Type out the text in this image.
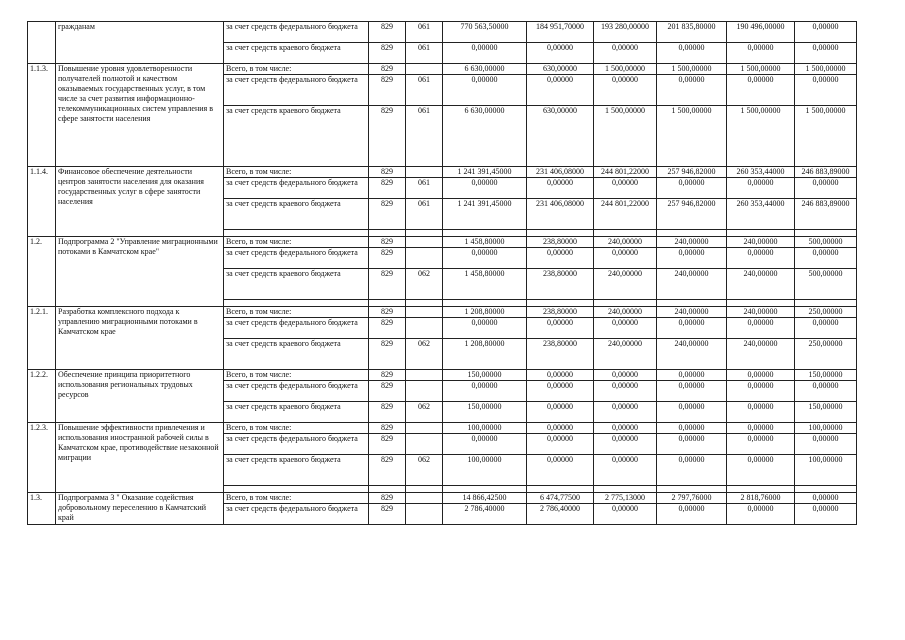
	гражданам	за счет средств федерального бюджета	829	061	770 563,50000	184 951,70000	193 280,00000	201 835,80000	190 496,00000	0,00000
		за счет средств краевого бюджета	829	061	0,00000	0,00000	0,00000	0,00000	0,00000	0,00000
1.1.3.	Повышение уровня удовлетворенности получателей полнотой и качеством оказываемых государственных услуг, в том числе за счет развития информационно-телекоммуникационных систем управления в сфере занятости населения	Всего, в том числе:	829		6 630,00000	630,00000	1 500,00000	1 500,00000	1 500,00000	1 500,00000
		за счет средств федерального бюджета	829	061	0,00000	0,00000	0,00000	0,00000	0,00000	0,00000
		за счет средств краевого бюджета	829	061	6 630,00000	630,00000	1 500,00000	1 500,00000	1 500,00000	1 500,00000
1.1.4.	Финансовое обеспечение деятельности центров занятости населения для оказания государственных услуг в сфере занятости населения	Всего, в том числе:	829		1 241 391,45000	231 406,08000	244 801,22000	257 946,82000	260 353,44000	246 883,89000
		за счет средств федерального бюджета	829	061	0,00000	0,00000	0,00000	0,00000	0,00000	0,00000
		за счет средств краевого бюджета	829	061	1 241 391,45000	231 406,08000	244 801,22000	257 946,82000	260 353,44000	246 883,89000

1.2.	Подпрограмма 2 "Управление миграционными потоками в Камчатском крае"	Всего, в том числе:	829		1 458,80000	238,80000	240,00000	240,00000	240,00000	500,00000
		за счет средств федерального бюджета	829		0,00000	0,00000	0,00000	0,00000	0,00000	0,00000
		за счет средств краевого бюджета	829	062	1 458,80000	238,80000	240,00000	240,00000	240,00000	500,00000

1.2.1.	Разработка комплексного подхода к управлению миграционными потоками в Камчатском крае	Всего, в том числе:	829		1 208,80000	238,80000	240,00000	240,00000	240,00000	250,00000
		за счет средств федерального бюджета	829		0,00000	0,00000	0,00000	0,00000	0,00000	0,00000
		за счет средств краевого бюджета	829	062	1 208,80000	238,80000	240,00000	240,00000	240,00000	250,00000
1.2.2.	Обеспечение принципа приоритетного использования региональных трудовых ресурсов	Всего, в том числе:	829		150,00000	0,00000	0,00000	0,00000	0,00000	150,00000
		за счет средств федерального бюджета	829		0,00000	0,00000	0,00000	0,00000	0,00000	0,00000
		за счет средств краевого бюджета	829	062	150,00000	0,00000	0,00000	0,00000	0,00000	150,00000
1.2.3.	Повышение эффективности привлечения и использования иностранной рабочей силы в Камчатском крае, противодействие незаконной миграции	Всего, в том числе:	829		100,00000	0,00000	0,00000	0,00000	0,00000	100,00000
		за счет средств федерального бюджета	829		0,00000	0,00000	0,00000	0,00000	0,00000	0,00000
		за счет средств краевого бюджета	829	062	100,00000	0,00000	0,00000	0,00000	0,00000	100,00000

1.3.	Подпрограмма 3 " Оказание содействия добровольному переселению в Камчатский край	Всего, в том числе:	829		14 866,42500	6 474,77500	2 775,13000	2 797,76000	2 818,76000	0,00000
		за счет средств федерального бюджета	829		2 786,40000	2 786,40000	0,00000	0,00000	0,00000	0,00000
